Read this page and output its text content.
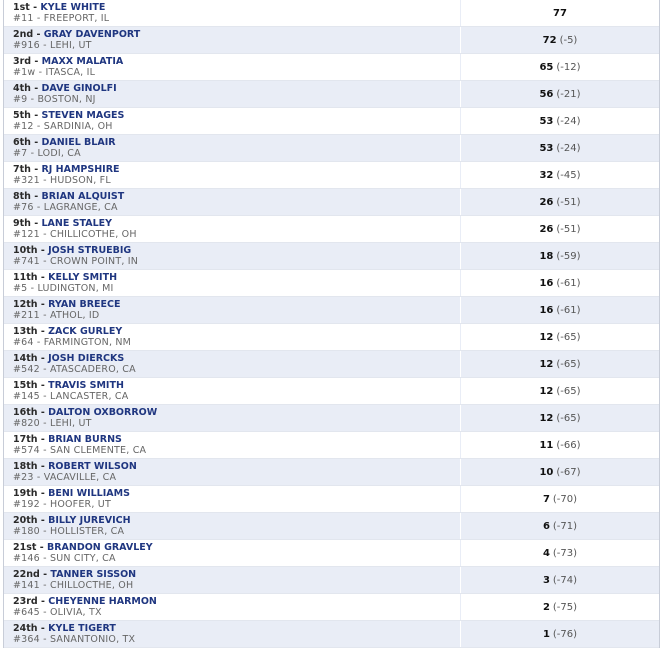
1st - KYLE WHITE
#11 - FREEPORT, IL	77
2nd - GRAY DAVENPORT
#916 - LEHI, UT	72 (-5)
3rd - MAXX MALATIA
#1w - ITASCA, IL	65 (-12)
4th - DAVE GINOLFI
#9 - BOSTON, NJ	56 (-21)
5th - STEVEN MAGES
#12 - SARDINIA, OH	53 (-24)
6th - DANIEL BLAIR
#7 - LODI, CA	53 (-24)
7th - RJ HAMPSHIRE
#321 - HUDSON, FL	32 (-45)
8th - BRIAN ALQUIST
#76 - LAGRANGE, CA	26 (-51)
9th - LANE STALEY
#121 - CHILLICOTHE, OH	26 (-51)
10th - JOSH STRUEBIG
#741 - CROWN POINT, IN	18 (-59)
11th - KELLY SMITH
#5 - LUDINGTON, MI	16 (-61)
12th - RYAN BREECE
#211 - ATHOL, ID	16 (-61)
13th - ZACK GURLEY
#64 - FARMINGTON, NM	12 (-65)
14th - JOSH DIERCKS
#542 - ATASCADERO, CA	12 (-65)
15th - TRAVIS SMITH
#145 - LANCASTER, CA	12 (-65)
16th - DALTON OXBORROW
#820 - LEHI, UT	12 (-65)
17th - BRIAN BURNS
#574 - SAN CLEMENTE, CA	11 (-66)
18th - ROBERT WILSON
#23 - VACAVILLE, CA	10 (-67)
19th - BENI WILLIAMS
#192 - HOOFER, UT	7 (-70)
20th - BILLY JUREVICH
#180 - HOLLISTER, CA	6 (-71)
21st - BRANDON GRAVLEY
#146 - SUN CITY, CA	4 (-73)
22nd - TANNER SISSON
#141 - CHILLOCTHE, OH	3 (-74)
23rd - CHEYENNE HARMON
#645 - OLIVIA, TX	2 (-75)
24th - KYLE TIGERT
#364 - SANANTONIO, TX	1 (-76)
